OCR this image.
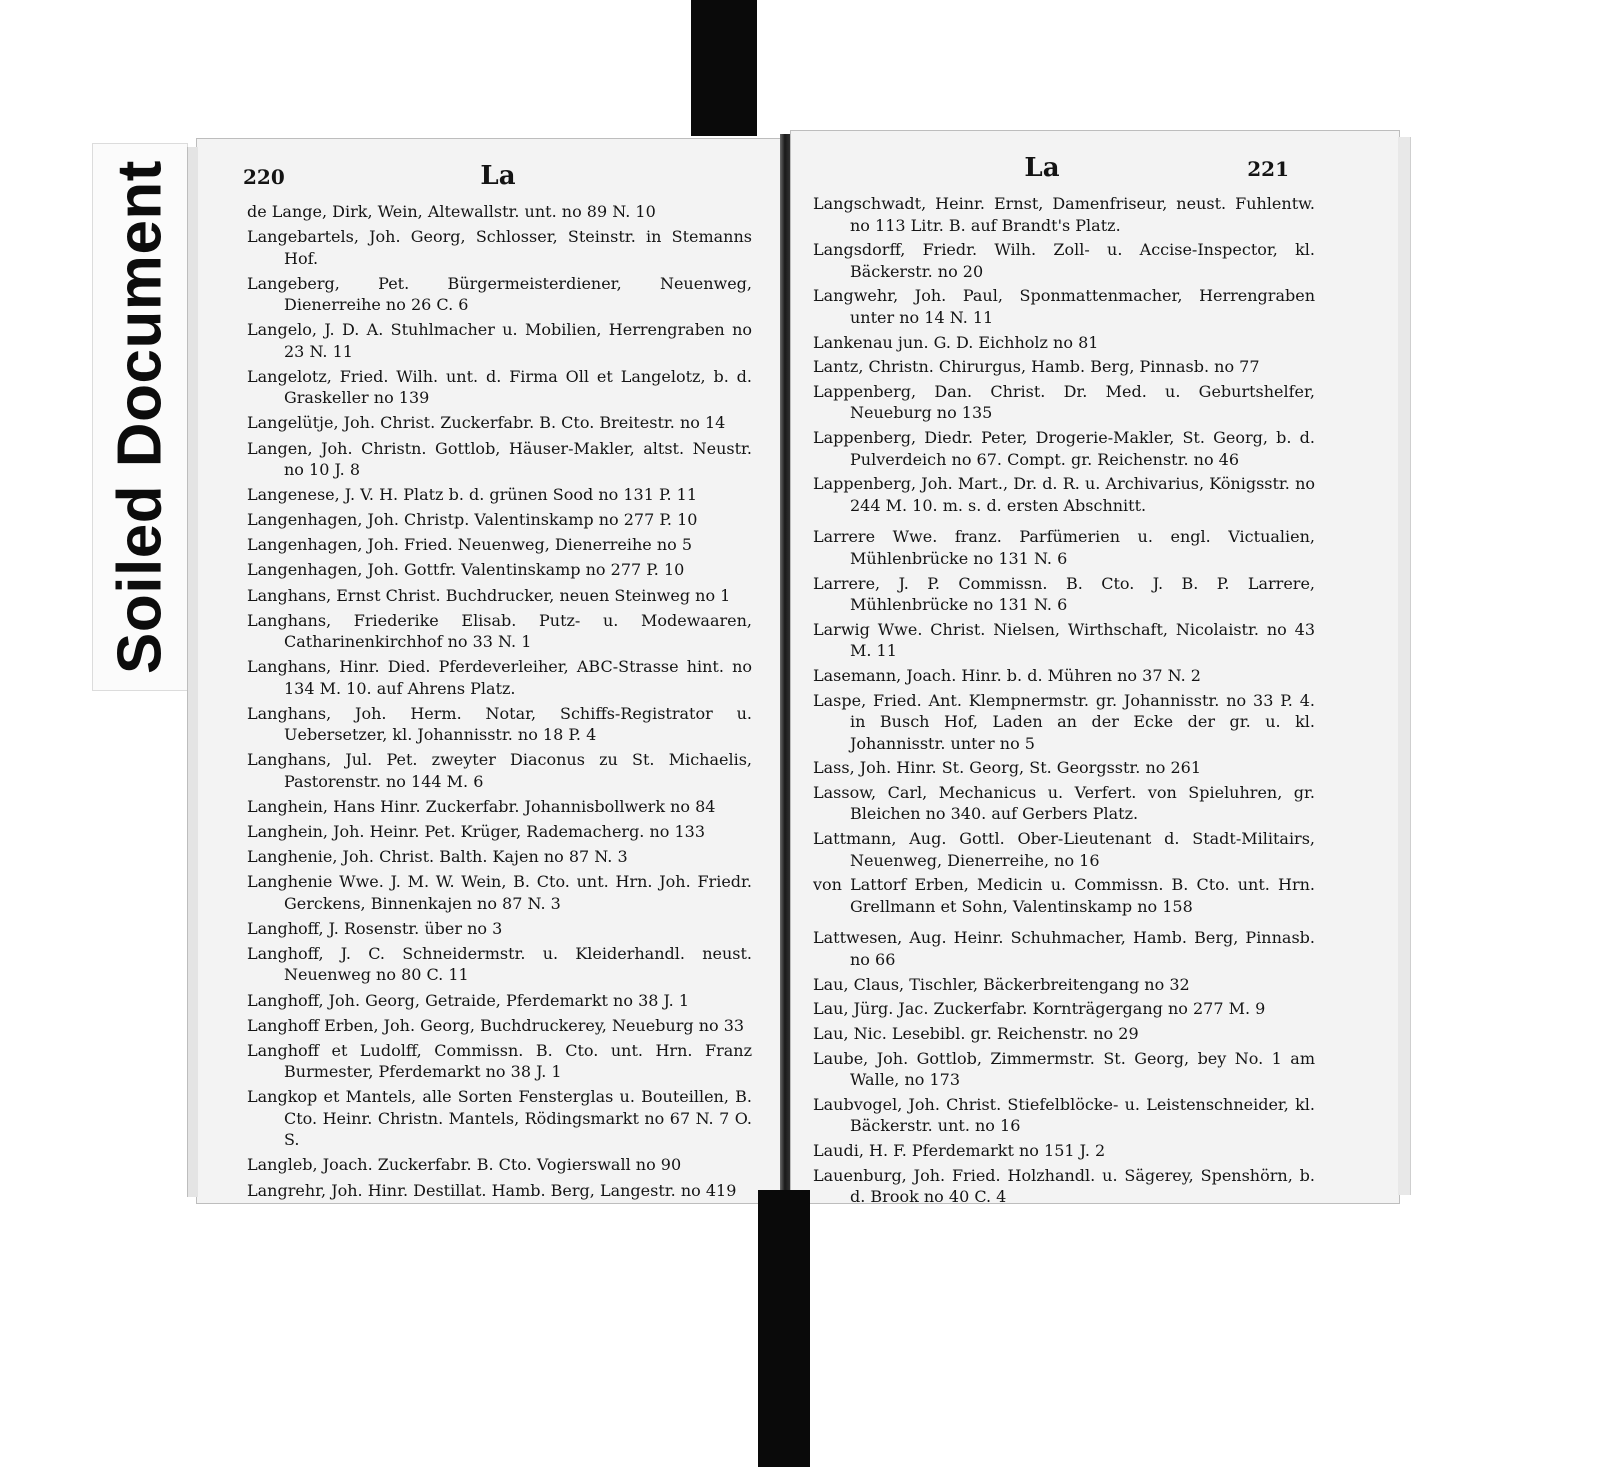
Soiled Document	220	La
de Lange, Dirk, Wein, Altewallstr. unt. no 89 N. 10
Langebartels, Joh. Georg, Schlosser, Steinstr. in Stemanns Hof.
Langeberg, Pet. Bürgermeisterdiener, Neuenweg, Dienerreihe no 26 C. 6
Langelo, J. D. A. Stuhlmacher u. Mobilien, Herrengraben no 23 N. 11
Langelotz, Fried. Wilh. unt. d. Firma Oll et Langelotz, b. d. Graskeller no 139
Langelütje, Joh. Christ. Zuckerfabr. B. Cto. Breitestr. no 14
Langen, Joh. Christn. Gottlob, Häuser-Makler, altst. Neustr. no 10 J. 8
Langenese, J. V. H. Platz b. d. grünen Sood no 131 P. 11
Langenhagen, Joh. Christp. Valentinskamp no 277 P. 10
Langenhagen, Joh. Fried. Neuenweg, Dienerreihe no 5
Langenhagen, Joh. Gottfr. Valentinskamp no 277 P. 10
Langhans, Ernst Christ. Buchdrucker, neuen Steinweg no 1
Langhans, Friederike Elisab. Putz- u. Modewaaren, Catharinenkirchhof no 33 N. 1
Langhans, Hinr. Died. Pferdeverleiher, ABC-Strasse hint. no 134 M. 10. auf Ahrens Platz.
Langhans, Joh. Herm. Notar, Schiffs-Registrator u. Uebersetzer, kl. Johannisstr. no 18 P. 4
Langhans, Jul. Pet. zweyter Diaconus zu St. Michaelis, Pastorenstr. no 144 M. 6
Langhein, Hans Hinr. Zuckerfabr. Johannisbollwerk no 84
Langhein, Joh. Heinr. Pet. Krüger, Rademacherg. no 133
Langhenie, Joh. Christ. Balth. Kajen no 87 N. 3
Langhenie Wwe. J. M. W. Wein, B. Cto. unt. Hrn. Joh. Friedr. Gerckens, Binnenkajen no 87 N. 3
Langhoff, J. Rosenstr. über no 3
Langhoff, J. C. Schneidermstr. u. Kleiderhandl. neust. Neuenweg no 80 C. 11
Langhoff, Joh. Georg, Getraide, Pferdemarkt no 38 J. 1
Langhoff Erben, Joh. Georg, Buchdruckerey, Neueburg no 33
Langhoff et Ludolff, Commissn. B. Cto. unt. Hrn. Franz Burmester, Pferdemarkt no 38 J. 1
Langkop et Mantels, alle Sorten Fensterglas u. Bouteillen, B. Cto. Heinr. Christn. Mantels, Rödingsmarkt no 67 N. 7 O. S.
Langleb, Joach. Zuckerfabr. B. Cto. Vogierswall no 90
Langrehr, Joh. Hinr. Destillat. Hamb. Berg, Langestr. no 419
La	221
Langschwadt, Heinr. Ernst, Damenfriseur, neust. Fuhlentw. no 113 Litr. B. auf Brandt's Platz.
Langsdorff, Friedr. Wilh. Zoll- u. Accise-Inspector, kl. Bäckerstr. no 20
Langwehr, Joh. Paul, Sponmattenmacher, Herrengraben unter no 14 N. 11
Lankenau jun. G. D. Eichholz no 81
Lantz, Christn. Chirurgus, Hamb. Berg, Pinnasb. no 77
Lappenberg, Dan. Christ. Dr. Med. u. Geburtshelfer, Neueburg no 135
Lappenberg, Diedr. Peter, Drogerie-Makler, St. Georg, b. d. Pulverdeich no 67. Compt. gr. Reichenstr. no 46
Lappenberg, Joh. Mart., Dr. d. R. u. Archivarius, Königsstr. no 244 M. 10. m. s. d. ersten Abschnitt.
Larrere Wwe. franz. Parfümerien u. engl. Victualien, Mühlenbrücke no 131 N. 6
Larrere, J. P. Commissn. B. Cto. J. B. P. Larrere, Mühlenbrücke no 131 N. 6
Larwig Wwe. Christ. Nielsen, Wirthschaft, Nicolaistr. no 43 M. 11
Lasemann, Joach. Hinr. b. d. Mühren no 37 N. 2
Laspe, Fried. Ant. Klempnermstr. gr. Johannisstr. no 33 P. 4. in Busch Hof, Laden an der Ecke der gr. u. kl. Johannisstr. unter no 5
Lass, Joh. Hinr. St. Georg, St. Georgsstr. no 261
Lassow, Carl, Mechanicus u. Verfert. von Spieluhren, gr. Bleichen no 340. auf Gerbers Platz.
Lattmann, Aug. Gottl. Ober-Lieutenant d. Stadt-Militairs, Neuenweg, Dienerreihe, no 16
von Lattorf Erben, Medicin u. Commissn. B. Cto. unt. Hrn. Grellmann et Sohn, Valentinskamp no 158
Lattwesen, Aug. Heinr. Schuhmacher, Hamb. Berg, Pinnasb. no 66
Lau, Claus, Tischler, Bäckerbreitengang no 32
Lau, Jürg. Jac. Zuckerfabr. Kornträgergang no 277 M. 9
Lau, Nic. Lesebibl. gr. Reichenstr. no 29
Laube, Joh. Gottlob, Zimmermstr. St. Georg, bey No. 1 am Walle, no 173
Laubvogel, Joh. Christ. Stiefelblöcke- u. Leistenschneider, kl. Bäckerstr. unt. no 16
Laudi, H. F. Pferdemarkt no 151 J. 2
Lauenburg, Joh. Fried. Holzhandl. u. Sägerey, Spenshörn, b. d. Brook no 40 C. 4
